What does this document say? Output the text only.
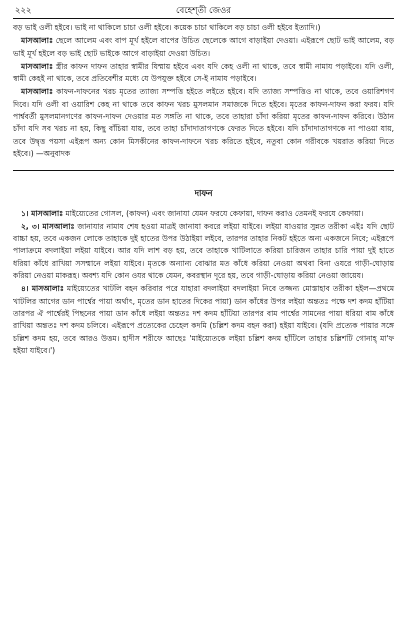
২২২	বেহেশ্‌তী জেওর

বড় ভাই ওলী হইবে। ভাই না থাকিলে চাচা ওলী হইবে। কয়েক চাচা থাকিলে বড় চাচা ওলী হইবে ইত্যাদি।)

মাসআলাঃ ছেলে আলেম এবং বাপ মূর্খ হইলে বাপের উচিত ছেলেকে আগে বাড়াইয়া দেওয়া। এইরূপে ছোট ভাই আলেম, বড় ভাই মূর্খ হইলে বড় ভাই ছোট ভাইকে আগে বাড়াইয়া দেওয়া উচিত।

মাসআলাঃ স্ত্রীর কাফন দাফন তাহার স্বামীর যিম্মায় হইবে এবং যদি কেহ ওলী না থাকে, তবে স্বামী নামায পড়াইবে। যদি ওলী, স্বামী কেহই না থাকে, তবে প্রতিবেশীর মধ্যে যে উপযুক্ত হইবে সে-ই নামায পড়াইবে।

মাসআলাঃ কাফন-দাফনের খরচ মৃতের ত্যাজ্য সম্পত্তি হইতে লইতে হইবে। যদি ত্যাজ্য সম্পত্তিও না থাকে, তবে ওয়ারিশগণ দিবে। যদি ওলী বা ওয়ারিশ কেহ না থাকে তবে কাফন খরচ মুসলমান সমাজকে দিতে হইবে। মৃতের কাফন-দাফন করা ফরয। যদি পার্শ্ববর্তী মুসলমানগণের কাফন-দাফন দেওয়ার মত সঙ্গতি না থাকে, তবে তাহারা চাঁদা করিয়া মৃতের কাফন-দাফন করিবে। উঠান চাঁদা যদি সব খরচ না হয়, কিছু বাঁচিয়া যায়, তবে তাহা চাঁদাদাতাগণকে ফেরত দিতে হইবে। যদি চাঁদাদাতাগণকে না পাওয়া যায়, তবে উদ্বৃত্ত পয়সা এইরূপ অন্য কোন মিসকীনের কাফন-দাফনে খরচ করিতে হইবে, নতুবা কোন গরীবকে খয়রাত করিয়া দিতে হইবে।) —অনুবাদক

দাফন

১। মাসআলাঃ মাইয়্যেতের গোসল, (কাফন) এবং জানাযা যেমন ফরযে কেফায়া, দাফন করাও তেমনই ফরযে কেফায়া।

২, ৩। মাসআলাঃ জানাযার নামায শেষ হওয়া মাত্রই জানাযা কবরে লইয়া যাইবে। লইয়া যাওয়ার সুন্নত তরীকা এইঃ যদি ছোট বাচ্চা হয়, তবে একজন লোকে তাহাকে দুই হাতের উপর উঠাইয়া লইবে, তারপর তাহার নিকট হইতে অন্য একজনে নিবে; এইরূপে পালাক্রমে বদলাইয়া লইয়া যাইবে। আর যদি লাশ বড় হয়, তবে তাহাকে খাটিলাতে করিয়া চারিজন তাহার চারি পায়া দুই হাতে ধরিয়া কাঁধে রাখিয়া সসম্মানে লইয়া যাইবে। মৃতকে অন্যান্য বোঝার মত কাঁধে করিয়া নেওয়া অথবা বিনা ওযরে গাড়ী-ঘোড়ায় করিয়া নেওয়া মাকরূহ। অবশ্য যদি কোন ওযর থাকে যেমন, কবরস্থান দূরে হয়, তবে গাড়ী-ঘোড়ায় করিয়া নেওয়া জায়েয।

৪। মাসআলাঃ মাইয়্যেতের খাটলি বহন করিবার পরে যাহারা বদলাইয়া বদলাইয়া নিবে তজ্জন্য মোস্তাহাব তরীকা হইল—প্রথমে খাটলির আগের ডান পার্শ্বের পায়া অর্থাৎ, মৃতের ডান হাতের দিকের পায়া) ডান কাঁধের উপর লইয়া অন্ততঃ পক্ষে দশ কদম হাঁটিয়া তারপর ঐ পার্শ্বেরই পিছনের পায়া ডান কাঁধে লইয়া অন্ততঃ দশ কদম হাঁটিয়া তারপর বাম পার্শ্বের সামনের পায়া ধরিয়া বাম কাঁধে রাখিয়া অন্ততঃ দশ কদম চলিবে। এইরূপে প্রত্যেকের চেহেল কদমি (চল্লিশ কদম বহন করা) হইয়া যাইবে। (যদি প্রত্যেক পায়ার সঙ্গে চল্লিশ কদম হয়, তবে আরও উত্তম। হাদীস শরীফে আছেঃ 'মাইয়্যেতকে লইয়া চল্লিশ কদম হাঁটিলে তাহার চল্লিশটি গোনাহ্‌ মা'ফ হইয়া যাইবে।')
